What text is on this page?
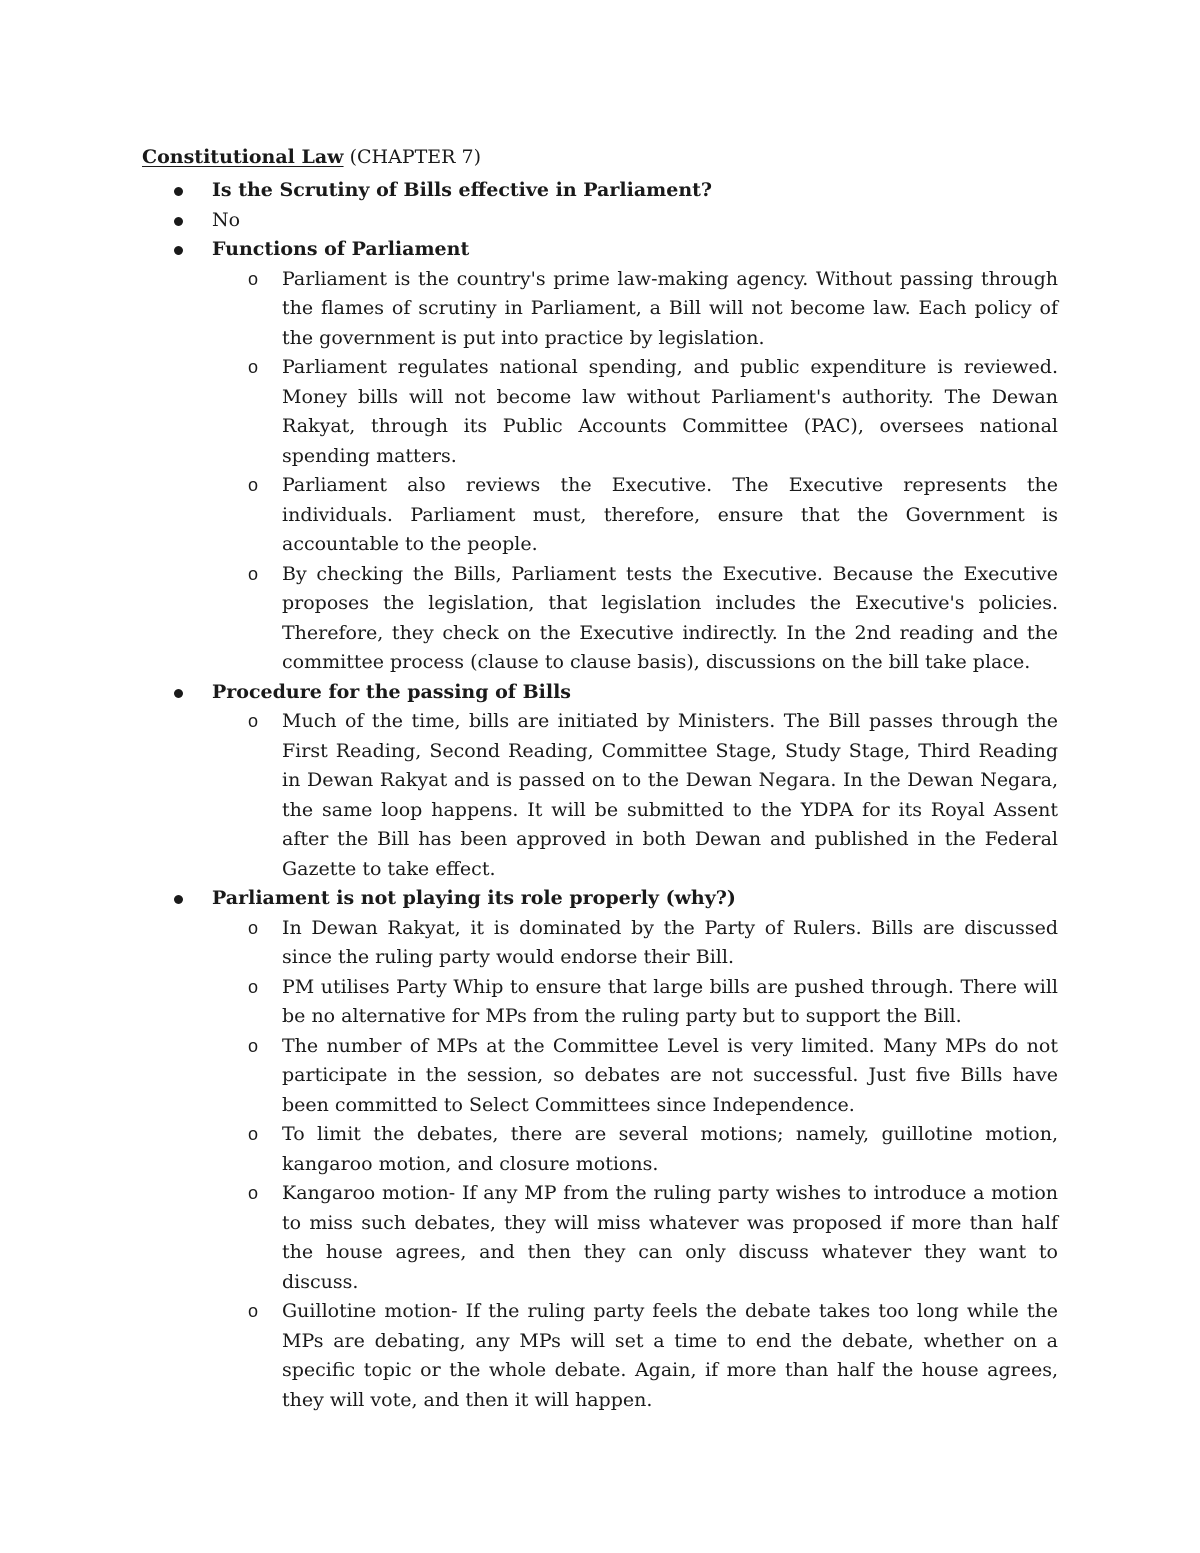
Constitutional Law (CHAPTER 7)
Is the Scrutiny of Bills effective in Parliament?
No
Functions of Parliament
o Parliament is the country's prime law-making agency. Without passing through the flames of scrutiny in Parliament, a Bill will not become law. Each policy of the government is put into practice by legislation.
o Parliament regulates national spending, and public expenditure is reviewed. Money bills will not become law without Parliament's authority. The Dewan Rakyat, through its Public Accounts Committee (PAC), oversees national spending matters.
o Parliament also reviews the Executive. The Executive represents the individuals. Parliament must, therefore, ensure that the Government is accountable to the people.
o By checking the Bills, Parliament tests the Executive. Because the Executive proposes the legislation, that legislation includes the Executive's policies. Therefore, they check on the Executive indirectly. In the 2nd reading and the committee process (clause to clause basis), discussions on the bill take place.
Procedure for the passing of Bills
o Much of the time, bills are initiated by Ministers. The Bill passes through the First Reading, Second Reading, Committee Stage, Study Stage, Third Reading in Dewan Rakyat and is passed on to the Dewan Negara. In the Dewan Negara, the same loop happens. It will be submitted to the YDPA for its Royal Assent after the Bill has been approved in both Dewan and published in the Federal Gazette to take effect.
Parliament is not playing its role properly (why?)
o In Dewan Rakyat, it is dominated by the Party of Rulers. Bills are discussed since the ruling party would endorse their Bill.
o PM utilises Party Whip to ensure that large bills are pushed through. There will be no alternative for MPs from the ruling party but to support the Bill.
o The number of MPs at the Committee Level is very limited. Many MPs do not participate in the session, so debates are not successful. Just five Bills have been committed to Select Committees since Independence.
o To limit the debates, there are several motions; namely, guillotine motion, kangaroo motion, and closure motions.
o Kangaroo motion- If any MP from the ruling party wishes to introduce a motion to miss such debates, they will miss whatever was proposed if more than half the house agrees, and then they can only discuss whatever they want to discuss.
o Guillotine motion- If the ruling party feels the debate takes too long while the MPs are debating, any MPs will set a time to end the debate, whether on a specific topic or the whole debate. Again, if more than half the house agrees, they will vote, and then it will happen.
